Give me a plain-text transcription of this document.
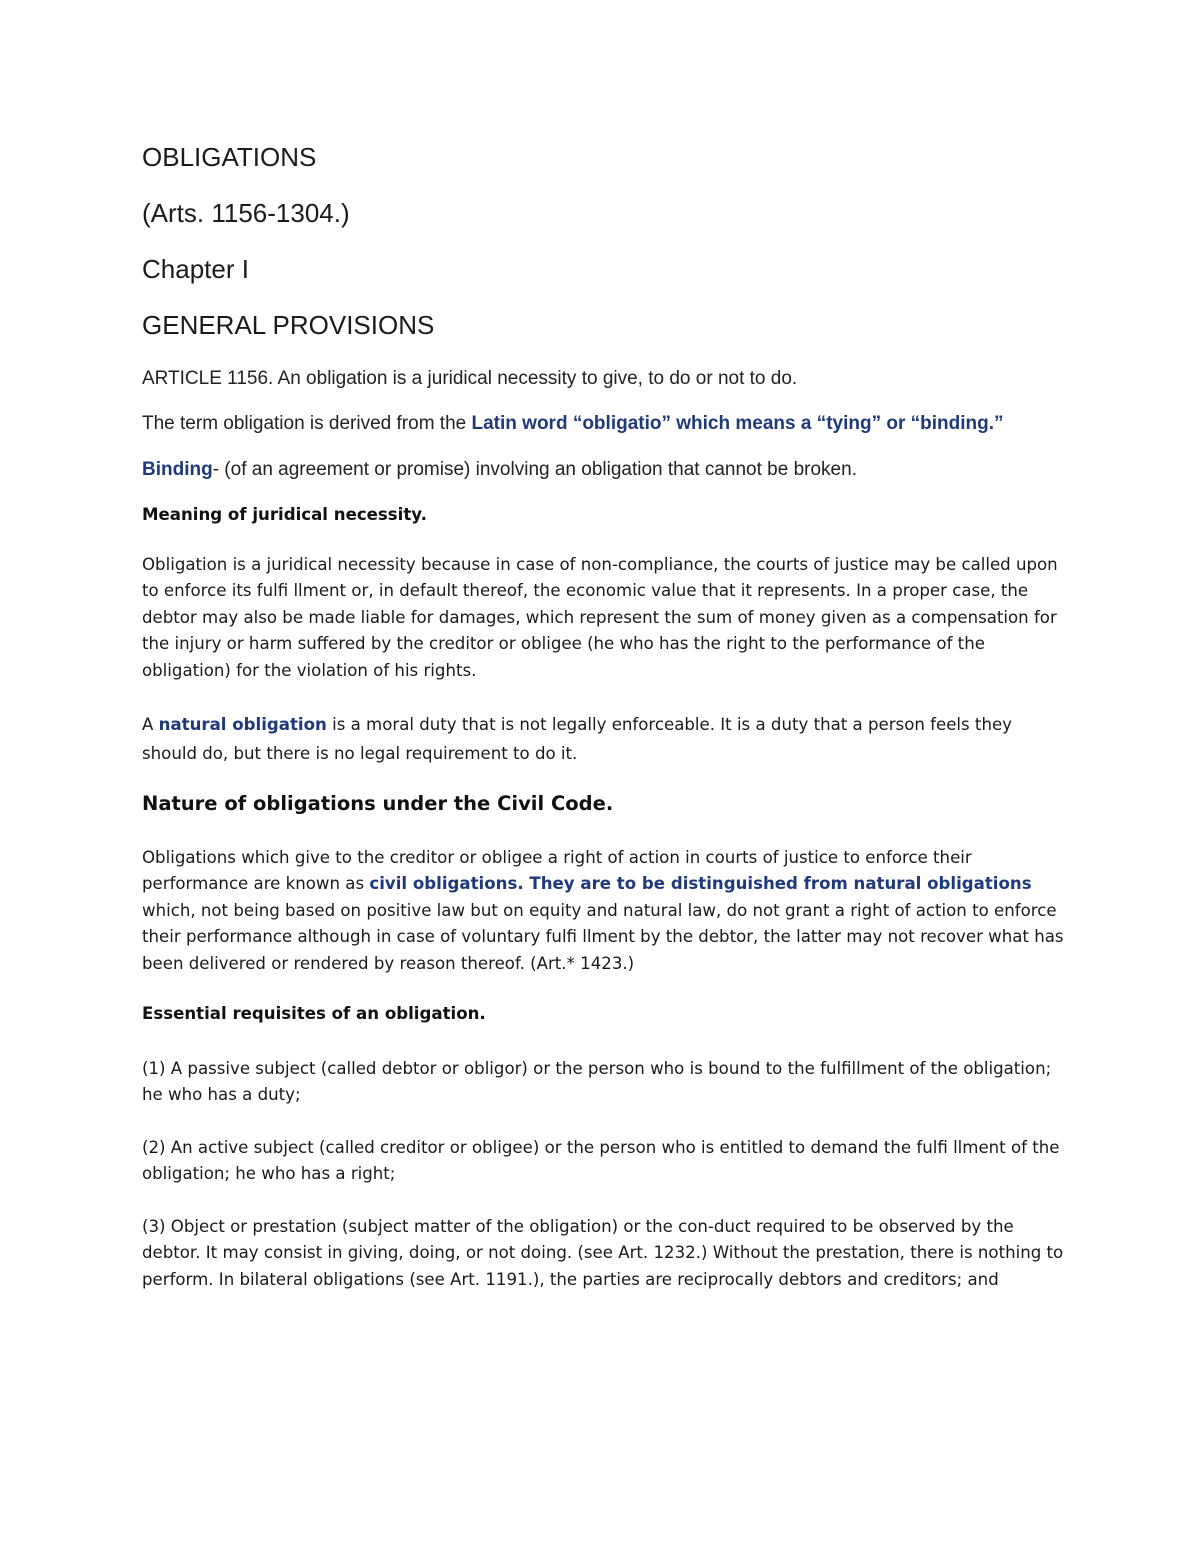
OBLIGATIONS

(Arts. 1156-1304.)

Chapter I

GENERAL PROVISIONS

ARTICLE 1156. An obligation is a juridical necessity to give, to do or not to do.

The term obligation is derived from the Latin word “obligatio” which means a “tying” or “binding.”

Binding- (of an agreement or promise) involving an obligation that cannot be broken.

Meaning of juridical necessity.

Obligation is a juridical necessity because in case of non-compliance, the courts of justice may be called upon to enforce its fulfi llment or, in default thereof, the economic value that it represents. In a proper case, the debtor may also be made liable for damages, which represent the sum of money given as a compensation for the injury or harm suffered by the creditor or obligee (he who has the right to the performance of the obligation) for the violation of his rights.

A natural obligation is a moral duty that is not legally enforceable. It is a duty that a person feels they should do, but there is no legal requirement to do it.

Nature of obligations under the Civil Code.

Obligations which give to the creditor or obligee a right of action in courts of justice to enforce their performance are known as civil obligations. They are to be distinguished from natural obligations which, not being based on positive law but on equity and natural law, do not grant a right of action to enforce their performance although in case of voluntary fulfi llment by the debtor, the latter may not recover what has been delivered or rendered by reason thereof. (Art.* 1423.)

Essential requisites of an obligation.

(1) A passive subject (called debtor or obligor) or the person who is bound to the fulfillment of the obligation; he who has a duty;

(2) An active subject (called creditor or obligee) or the person who is entitled to demand the fulfi llment of the obligation; he who has a right;

(3) Object or prestation (subject matter of the obligation) or the con-duct required to be observed by the debtor. It may consist in giving, doing, or not doing. (see Art. 1232.) Without the prestation, there is nothing to perform. In bilateral obligations (see Art. 1191.), the parties are reciprocally debtors and creditors; and
